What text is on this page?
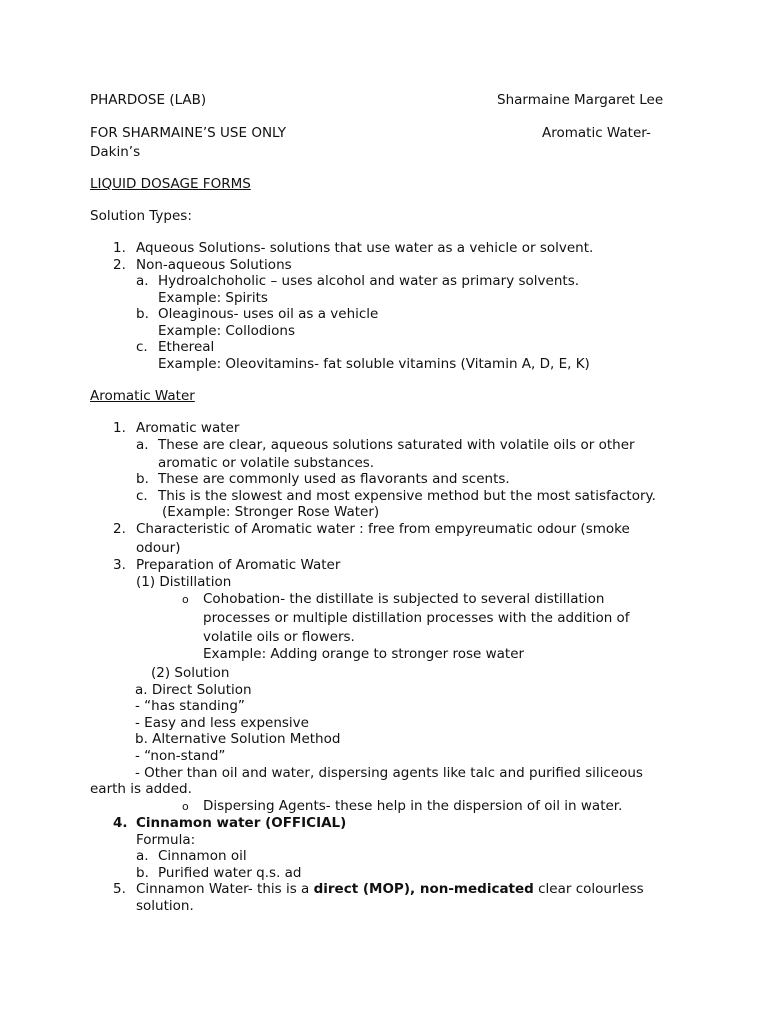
PHARDOSE (LAB)	Sharmaine Margaret Lee
FOR SHARMAINE’S USE ONLY	Aromatic Water-
Dakin’s
LIQUID DOSAGE FORMS
Solution Types:
1. Aqueous Solutions- solutions that use water as a vehicle or solvent.
2. Non-aqueous Solutions
a. Hydroalchoholic – uses alcohol and water as primary solvents.
Example: Spirits
b. Oleaginous- uses oil as a vehicle
Example: Collodions
c. Ethereal
Example: Oleovitamins- fat soluble vitamins (Vitamin A, D, E, K)
Aromatic Water
1. Aromatic water
a. These are clear, aqueous solutions saturated with volatile oils or other
aromatic or volatile substances.
b. These are commonly used as flavorants and scents.
c. This is the slowest and most expensive method but the most satisfactory.
(Example: Stronger Rose Water)
2. Characteristic of Aromatic water : free from empyreumatic odour (smoke
odour)
3. Preparation of Aromatic Water
(1) Distillation
o Cohobation- the distillate is subjected to several distillation
processes or multiple distillation processes with the addition of
volatile oils or flowers.
Example: Adding orange to stronger rose water
(2) Solution
a. Direct Solution
- “has standing”
- Easy and less expensive
b. Alternative Solution Method
- “non-stand”
- Other than oil and water, dispersing agents like talc and purified siliceous
earth is added.
o Dispersing Agents- these help in the dispersion of oil in water.
4. Cinnamon water (OFFICIAL)
Formula:
a. Cinnamon oil
b. Purified water q.s. ad
5. Cinnamon Water- this is a direct (MOP), non-medicated clear colourless
solution.
